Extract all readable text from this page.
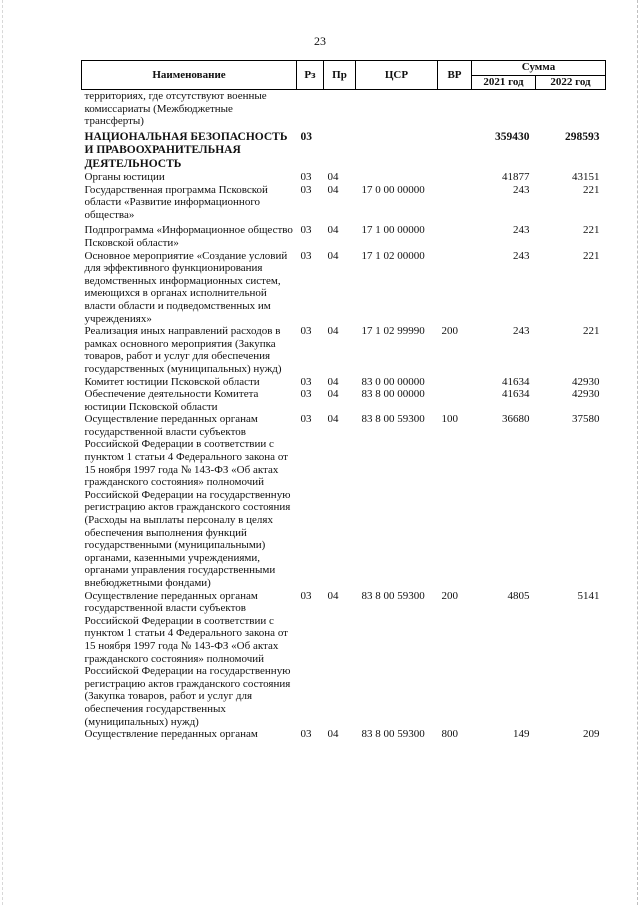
23
Наименование	Рз	Пр	ЦСР	ВР	Сумма	
					2021 год	2022 год
территориях, где отсутствуют военные комиссариаты (Межбюджетные трансферты)						
НАЦИОНАЛЬНАЯ БЕЗОПАСНОСТЬ И ПРАВООХРАНИТЕЛЬНАЯ ДЕЯТЕЛЬНОСТЬ	03				359430	298593
Органы юстиции	03	04			41877	43151
Государственная программа Псковской области «Развитие информационного общества»	03	04	17 0 00 00000		243	221
Подпрограмма «Информационное общество Псковской области»	03	04	17 1 00 00000		243	221
Основное мероприятие «Создание условий для эффективного функционирования ведомственных информационных систем, имеющихся в органах исполнительной власти области и подведомственных им учреждениях»	03	04	17 1 02 00000		243	221
Реализация иных направлений расходов в рамках основного мероприятия (Закупка товаров, работ и услуг для обеспечения государственных (муниципальных) нужд)	03	04	17 1 02 99990	200	243	221
Комитет юстиции Псковской области	03	04	83 0 00 00000		41634	42930
Обеспечение деятельности Комитета юстиции Псковской области	03	04	83 8 00 00000		41634	42930
Осуществление переданных органам государственной власти субъектов Российской Федерации в соответствии с пунктом 1 статьи 4 Федерального закона от 15 ноября 1997 года № 143-ФЗ «Об актах гражданского состояния» полномочий Российской Федерации на государственную регистрацию актов гражданского состояния (Расходы на выплаты персоналу в целях обеспечения выполнения функций государственными (муниципальными) органами, казенными учреждениями, органами управления государственными внебюджетными фондами)	03	04	83 8 00 59300	100	36680	37580
Осуществление переданных органам государственной власти субъектов Российской Федерации в соответствии с пунктом 1 статьи 4 Федерального закона от 15 ноября 1997 года № 143-ФЗ «Об актах гражданского состояния» полномочий Российской Федерации на государственную регистрацию актов гражданского состояния (Закупка товаров, работ и услуг для обеспечения государственных (муниципальных) нужд)	03	04	83 8 00 59300	200	4805	5141
Осуществление переданных органам	03	04	83 8 00 59300	800	149	209
